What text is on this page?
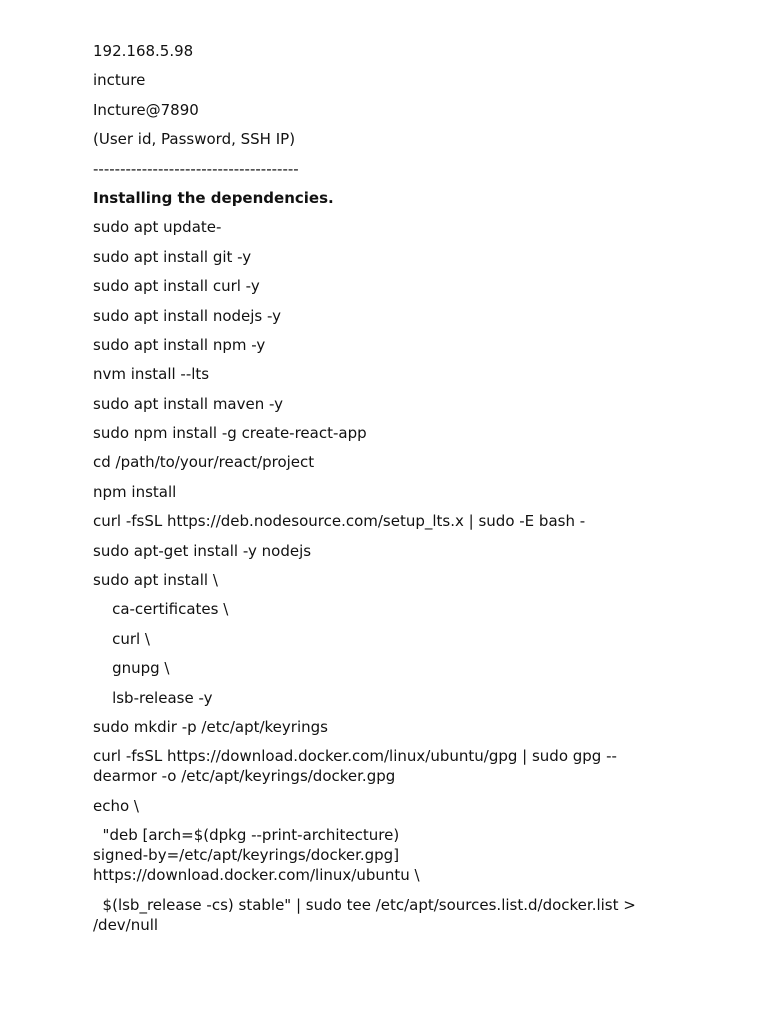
192.168.5.98

incture

Incture@7890

(User id, Password, SSH IP)

--------------------------------------

Installing the dependencies.

sudo apt update-

sudo apt install git -y

sudo apt install curl -y

sudo apt install nodejs -y

sudo apt install npm -y

nvm install --lts

sudo apt install maven -y

sudo npm install -g create-react-app

cd /path/to/your/react/project

npm install

curl -fsSL https://deb.nodesource.com/setup_lts.x | sudo -E bash -

sudo apt-get install -y nodejs

sudo apt install \

ca-certificates \

curl \

gnupg \

lsb-release -y

sudo mkdir -p /etc/apt/keyrings

curl -fsSL https://download.docker.com/linux/ubuntu/gpg | sudo gpg --dearmor -o /etc/apt/keyrings/docker.gpg

echo \

"deb [arch=$(dpkg --print-architecture)
signed-by=/etc/apt/keyrings/docker.gpg]
https://download.docker.com/linux/ubuntu \

$(lsb_release -cs) stable" | sudo tee /etc/apt/sources.list.d/docker.list > /dev/null
